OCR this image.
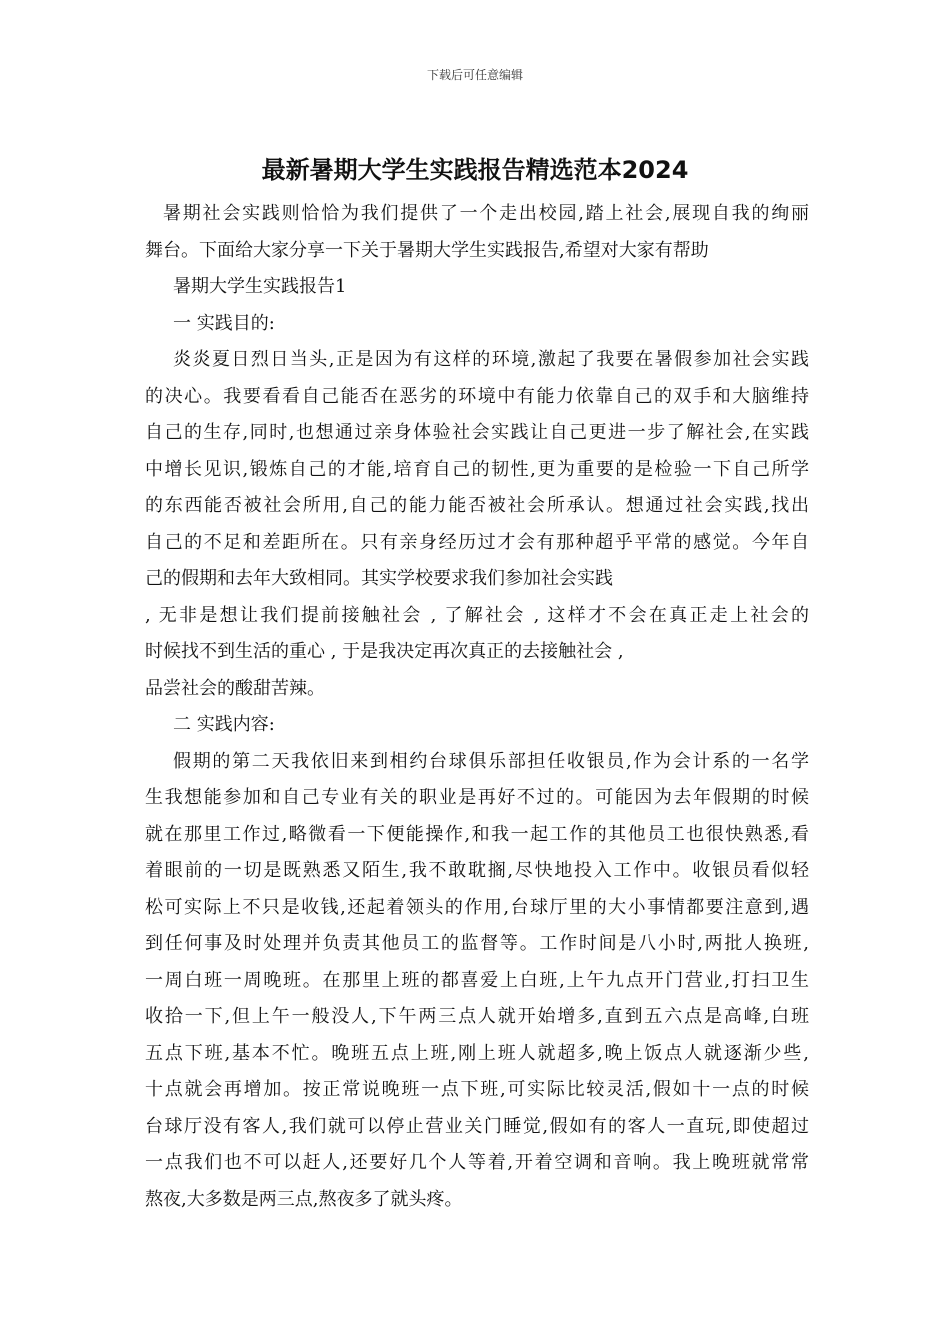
下载后可任意编辑
最新暑期大学生实践报告精选范本2024

暑期社会实践则恰恰为我们提供了一个走出校园,踏上社会,展现自我的绚丽

舞台。下面给大家分享一下关于暑期大学生实践报告,希望对大家有帮助

暑期大学生实践报告1

一 实践目的:

炎炎夏日烈日当头,正是因为有这样的环境,激起了我要在暑假参加社会实践

的决心。我要看看自己能否在恶劣的环境中有能力依靠自己的双手和大脑维持

自己的生存,同时,也想通过亲身体验社会实践让自己更进一步了解社会,在实践

中增长见识,锻炼自己的才能,培育自己的韧性,更为重要的是检验一下自己所学

的东西能否被社会所用,自己的能力能否被社会所承认。想通过社会实践,找出

自己的不足和差距所在。只有亲身经历过才会有那种超乎平常的感觉。今年自

己的假期和去年大致相同。其实学校要求我们参加社会实践

, 无非是想让我们提前接触社会 , 了解社会 , 这样才不会在真正走上社会的

时候找不到生活的重心 , 于是我决定再次真正的去接触社会 ,

品尝社会的酸甜苦辣。

二 实践内容:

假期的第二天我依旧来到相约台球俱乐部担任收银员,作为会计系的一名学

生我想能参加和自己专业有关的职业是再好不过的。可能因为去年假期的时候

就在那里工作过,略微看一下便能操作,和我一起工作的其他员工也很快熟悉,看

着眼前的一切是既熟悉又陌生,我不敢耽搁,尽快地投入工作中。收银员看似轻

松可实际上不只是收钱,还起着领头的作用,台球厅里的大小事情都要注意到,遇

到任何事及时处理并负责其他员工的监督等。工作时间是八小时,两批人换班,

一周白班一周晚班。在那里上班的都喜爱上白班,上午九点开门营业,打扫卫生

收拾一下,但上午一般没人,下午两三点人就开始增多,直到五六点是高峰,白班

五点下班,基本不忙。晚班五点上班,刚上班人就超多,晚上饭点人就逐渐少些,

十点就会再增加。按正常说晚班一点下班,可实际比较灵活,假如十一点的时候

台球厅没有客人,我们就可以停止营业关门睡觉,假如有的客人一直玩,即使超过

一点我们也不可以赶人,还要好几个人等着,开着空调和音响。我上晚班就常常

熬夜,大多数是两三点,熬夜多了就头疼。
